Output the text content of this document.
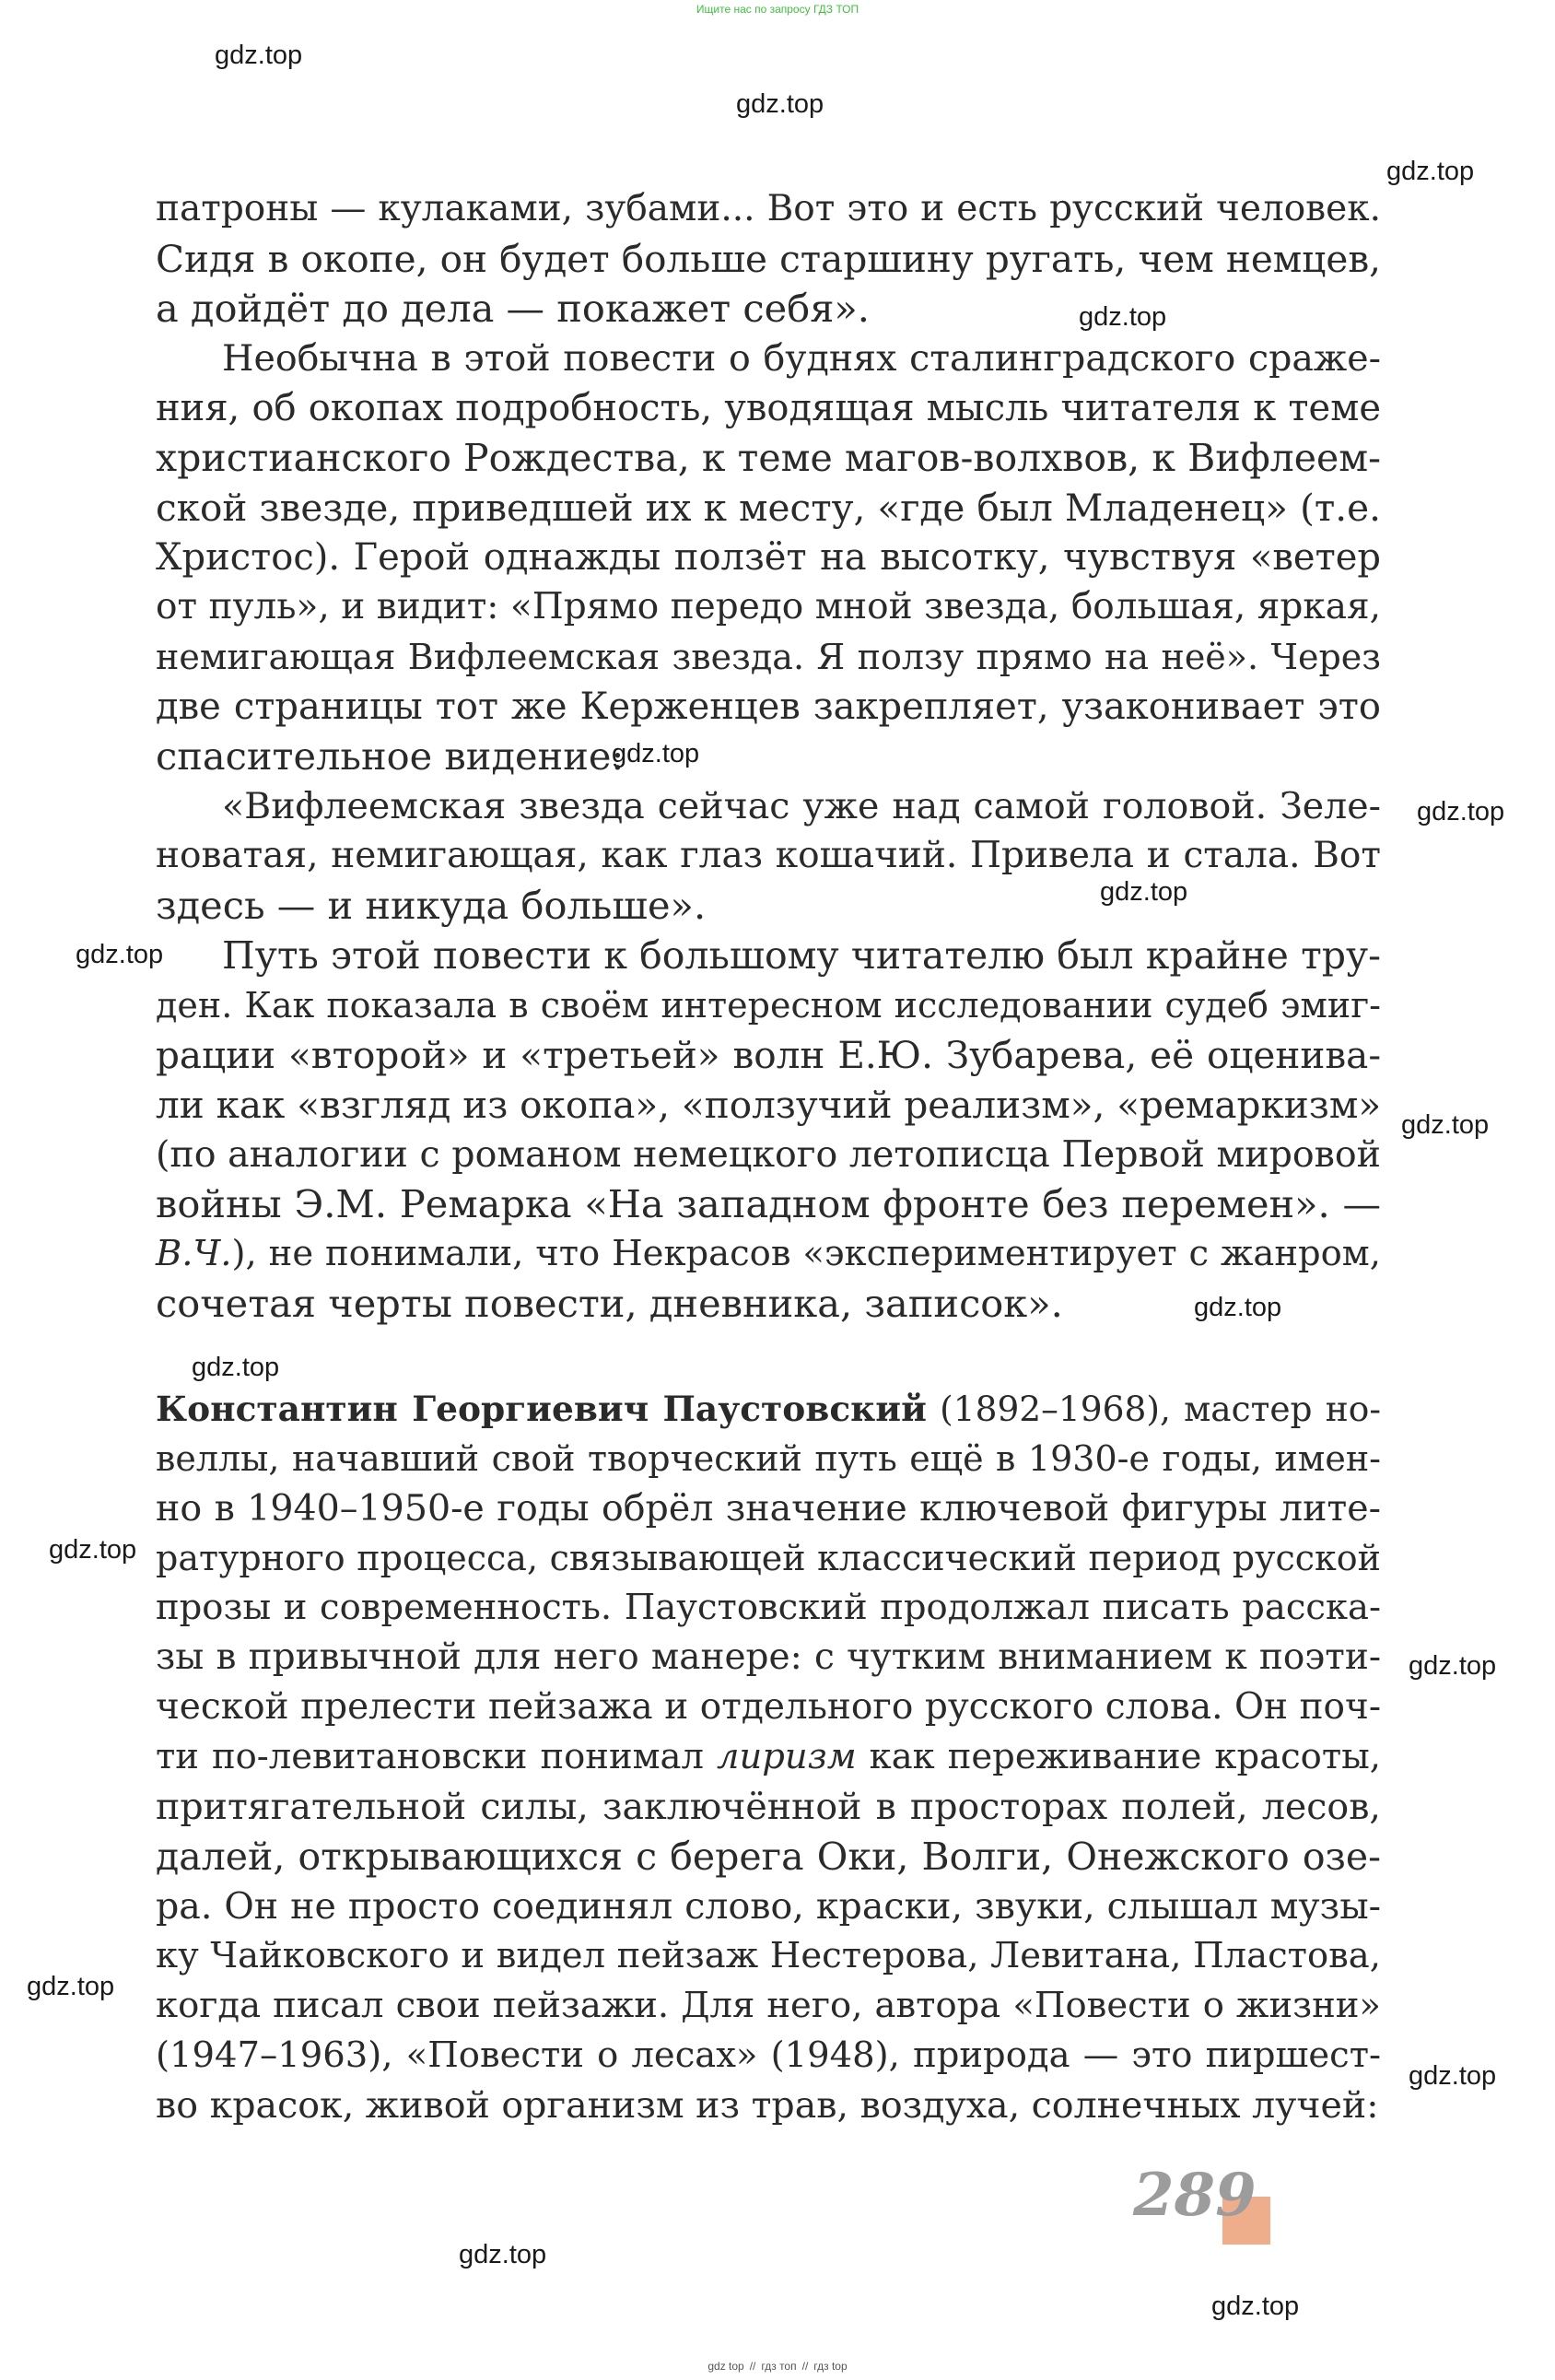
Ищите нас по запросу ГДЗ ТОП
gdz.top
gdz.top
gdz.top
gdz.top
gdz.top
gdz.top
gdz.top
gdz.top
gdz.top
gdz.top
gdz.top
gdz.top
gdz.top
gdz.top
gdz.top
gdz.top
gdz.top
патроны — кулаками, зубами... Вот это и есть русский человек.
Сидя в окопе, он будет больше старшину ругать, чем немцев,
а дойдёт до дела — покажет себя».
Необычна в этой повести о буднях сталинградского сраже-
ния, об окопах подробность, уводящая мысль читателя к теме
христианского Рождества, к теме магов-волхвов, к Вифлеем-
ской звезде, приведшей их к месту, «где был Младенец» (т.е.
Христос). Герой однажды ползёт на высотку, чувствуя «ветер
от пуль», и видит: «Прямо передо мной звезда, большая, яркая,
немигающая Вифлеемская звезда. Я ползу прямо на неё». Через
две страницы тот же Керженцев закрепляет, узаконивает это
спасительное видение:
«Вифлеемская звезда сейчас уже над самой головой. Зеле-
новатая, немигающая, как глаз кошачий. Привела и стала. Вот
здесь — и никуда больше».
Путь этой повести к большому читателю был крайне тру-
ден. Как показала в своём интересном исследовании судеб эмиг-
рации «второй» и «третьей» волн Е.Ю. Зубарева, её оценива-
ли как «взгляд из окопа», «ползучий реализм», «ремаркизм»
(по аналогии с романом немецкого летописца Первой мировой
войны Э.М. Ремарка «На западном фронте без перемен». —
В.Ч.), не понимали, что Некрасов «экспериментирует с жанром,
сочетая черты повести, дневника, записок».
Константин Георгиевич Паустовский (1892–1968), мастер но-
веллы, начавший свой творческий путь ещё в 1930-е годы, имен-
но в 1940–1950-е годы обрёл значение ключевой фигуры лите-
ратурного процесса, связывающей классический период русской
прозы и современность. Паустовский продолжал писать расска-
зы в привычной для него манере: с чутким вниманием к поэти-
ческой прелести пейзажа и отдельного русского слова. Он поч-
ти по-левитановски понимал лиризм как переживание красоты,
притягательной силы, заключённой в просторах полей, лесов,
далей, открывающихся с берега Оки, Волги, Онежского озе-
ра. Он не просто соединял слово, краски, звуки, слышал музы-
ку Чайковского и видел пейзаж Нестерова, Левитана, Пластова,
когда писал свои пейзажи. Для него, автора «Повести о жизни»
(1947–1963), «Повести о лесах» (1948), природа — это пиршест-
во красок, живой организм из трав, воздуха, солнечных лучей:
289
gdz top // гдз топ // гдз top
